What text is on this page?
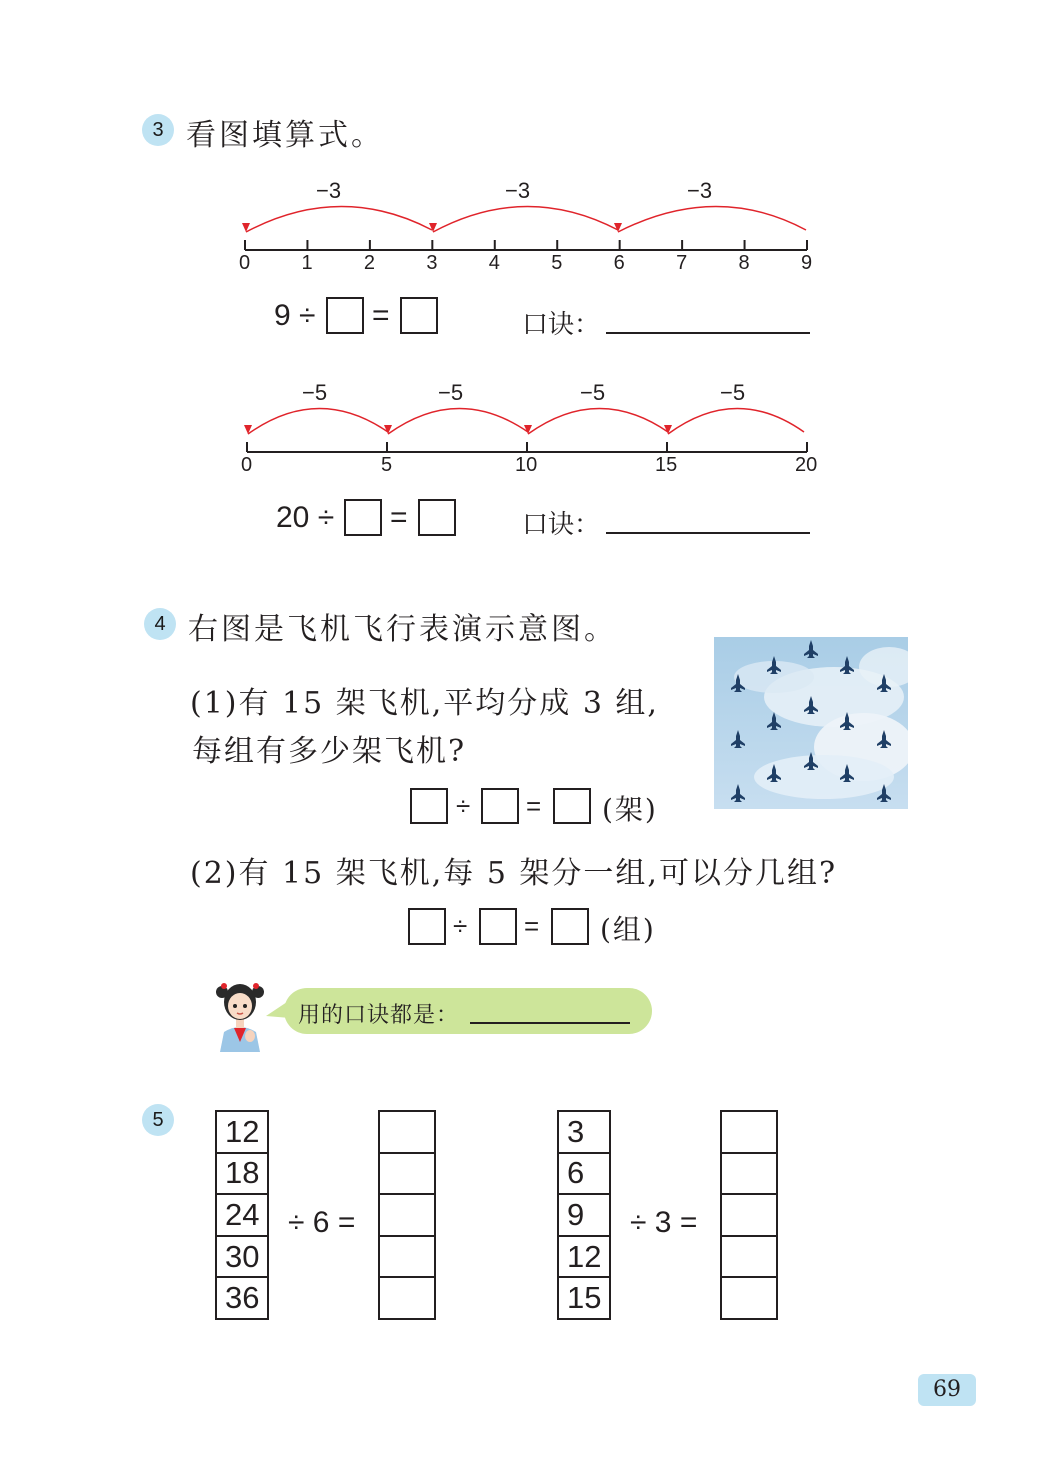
3 看图填算式。
−3	−3	−3
0	1	2	3	4	5	6	7	8	9
9 ÷ =	口诀：
−5	−5	−5	−5
0	5	10	15	20
20 ÷ =	口诀：
4 右图是飞机飞行表演示意图。
(1)有 15 架飞机,平均分成 3 组,
每组有多少架飞机?
÷ = (架)
(2)有 15 架飞机,每 5 架分一组,可以分几组?
÷ = (组)
用的口诀都是：
5	12
18
24
30
36
÷ 6 =

3
6
9
12
15
÷ 3 =

69
